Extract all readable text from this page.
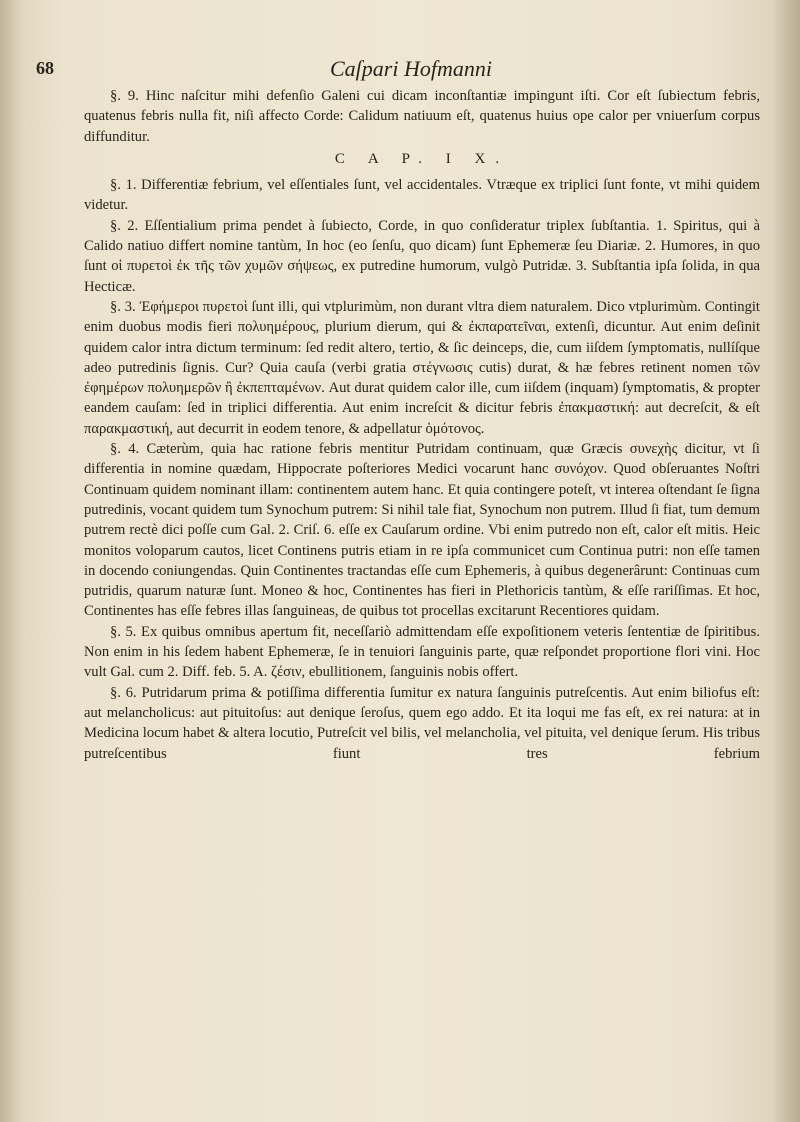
68	Caſpari Hofmanni

§. 9. Hinc naſcitur mihi defenſio Galeni cui dicam inconſtantiæ impingunt iſti. Cor eſt ſubiectum febris, quatenus febris nulla fit, niſi affecto Corde: Calidum natiuum eſt, quatenus huius ope calor per vniuerſum corpus diffunditur.

C A P. I X.

§. 1. Differentiæ febrium, vel eſſentiales ſunt, vel accidentales. Vtræque ex triplici ſunt fonte, vt mihi quidem videtur.

§. 2. Eſſentialium prima pendet à ſubiecto, Corde, in quo conſideratur triplex ſubſtantia. 1. Spiritus, qui à Calido natiuo differt nomine tantùm, In hoc (eo ſenſu, quo dicam) ſunt Ephemeræ ſeu Diariæ. 2. Humores, in quo ſunt οἱ πυρετοὶ ἐκ τῆς τῶν χυμῶν σήψεως, ex putredine humorum, vulgò Putridæ. 3. Subſtantia ipſa ſolida, in qua Hecticæ.

§. 3. Ἐφήμεροι πυρετοὶ ſunt illi, qui vtplurimùm, non durant vltra diem naturalem. Dico vtplurimùm. Contingit enim duobus modis fieri πολυημέρους, plurium dierum, qui & ἐκπαρατεῖναι, extenſi, dicuntur. Aut enim deſinit quidem calor intra dictum terminum: ſed redit altero, tertio, & ſic deinceps, die, cum iiſdem ſymptomatis, nullíſque adeo putredinis ſignis. Cur? Quia cauſa (verbi gratia στέγνωσις cutis) durat, & hæ febres retinent nomen τῶν ἐφημέρων πολυημερῶν ἢ ἐκπεπταμένων. Aut durat quidem calor ille, cum iiſdem (inquam) ſymptomatis, & propter eandem cauſam: ſed in triplici differentia. Aut enim increſcit & dicitur febris ἐπακμαστική: aut decreſcit, & eſt παρακμαστική, aut decurrit in eodem tenore, & adpellatur ὁμότονος.

§. 4. Cæterùm, quia hac ratione febris mentitur Putridam continuam, quæ Græcis συνεχὴς dicitur, vt ſi differentia in nomine quædam, Hippocrate poſteriores Medici vocarunt hanc συνόχον. Quod obſeruantes Noſtri Continuam quidem nominant illam: continentem autem hanc. Et quia contingere poteſt, vt interea oſtendant ſe ſigna putredinis, vocant quidem tum Synochum putrem: Si nihil tale fiat, Synochum non putrem. Illud ſi fiat, tum demum putrem rectè dici poſſe cum Gal. 2. Criſ. 6. eſſe ex Cauſarum ordine. Vbi enim putredo non eſt, calor eſt mitis. Heic monitos voloparum cautos, licet Continens putris etiam in re ipſa communicet cum Continua putri: non eſſe tamen in docendo coniungendas. Quin Continentes tractandas eſſe cum Ephemeris, à quibus degenerârunt: Continuas cum putridis, quarum naturæ ſunt. Moneo & hoc, Continentes has fieri in Plethoricis tantùm, & eſſe rariſſimas. Et hoc, Continentes has eſſe febres illas ſanguineas, de quibus tot procellas excitarunt Recentiores quidam.

§. 5. Ex quibus omnibus apertum fit, neceſſariò admittendam eſſe expoſitionem veteris ſententiæ de ſpiritibus. Non enim in his ſedem habent Ephemeræ, ſe in tenuiori ſanguinis parte, quæ reſpondet proportione flori vini. Hoc vult Gal. cum 2. Diff. feb. 5. A. ζέσιν, ebullitionem, ſanguinis nobis offert.

§. 6. Putridarum prima & potiſſima differentia ſumitur ex natura ſanguinis putreſcentis. Aut enim biliofus eſt: aut melancholicus: aut pituitoſus: aut denique ſeroſus, quem ego addo. Et ita loqui me fas eſt, ex rei natura: at in Medicina locum habet & altera locutio, Putreſcit vel bilis, vel melancholia, vel pituita, vel denique ſerum. His tribus putreſcentibus fiunt tres febrium
